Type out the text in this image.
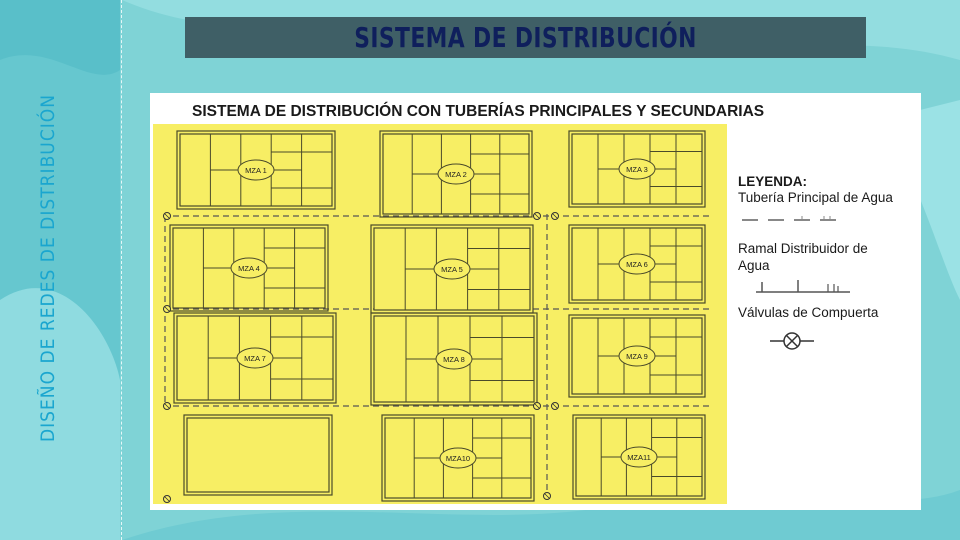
DISEÑO DE REDES DE DISTRIBUCIÓN
SISTEMA DE DISTRIBUCIÓN
SISTEMA DE DISTRIBUCIÓN CON TUBERÍAS PRINCIPALES Y SECUNDARIAS
MZA 1	MZA 2
MZA 3
MZA 4	MZA 5
MZA 6
MZA 7	MZA 8	MZA 9
MZA10	MZA11
LEYENDA:
Tubería Principal de Agua
Ramal Distribuidor de
Agua
Válvulas de Compuerta
